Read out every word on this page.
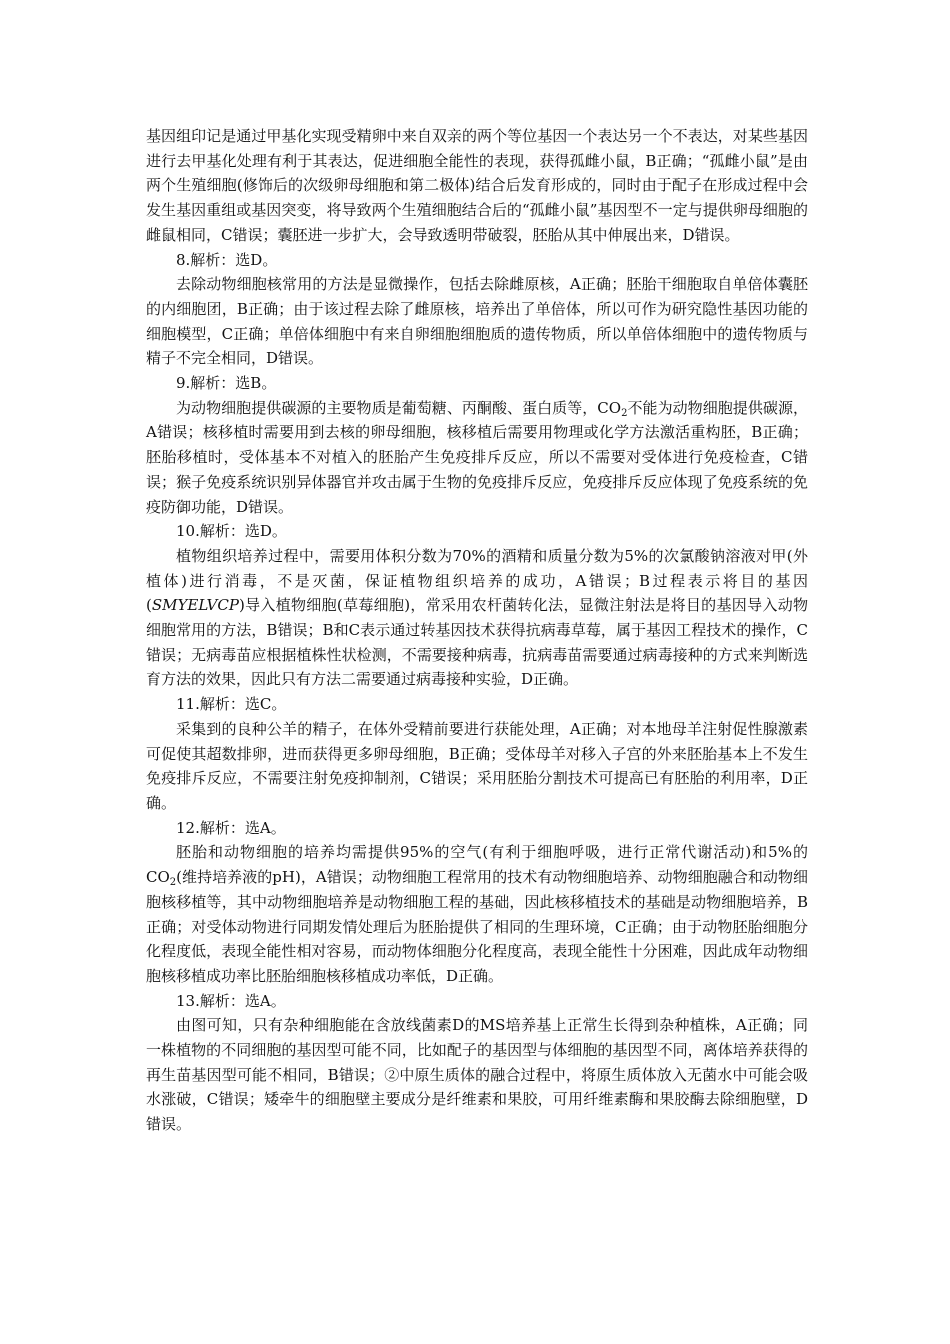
基因组印记是通过甲基化实现受精卵中来自双亲的两个等位基因一个表达另一个不表达，对某些基因进行去甲基化处理有利于其表达，促进细胞全能性的表现，获得孤雌小鼠，B正确；“孤雌小鼠”是由两个生殖细胞(修饰后的次级卵母细胞和第二极体)结合后发育形成的，同时由于配子在形成过程中会发生基因重组或基因突变，将导致两个生殖细胞结合后的“孤雌小鼠”基因型不一定与提供卵母细胞的雌鼠相同，C错误；囊胚进一步扩大，会导致透明带破裂，胚胎从其中伸展出来，D错误。

8.解析：选D。

去除动物细胞核常用的方法是显微操作，包括去除雌原核，A正确；胚胎干细胞取自单倍体囊胚的内细胞团，B正确；由于该过程去除了雌原核，培养出了单倍体，所以可作为研究隐性基因功能的细胞模型，C正确；单倍体细胞中有来自卵细胞细胞质的遗传物质，所以单倍体细胞中的遗传物质与精子不完全相同，D错误。

9.解析：选B。

为动物细胞提供碳源的主要物质是葡萄糖、丙酮酸、蛋白质等，$CO_2$不能为动物细胞提供碳源，A错误；核移植时需要用到去核的卵母细胞，核移植后需要用物理或化学方法激活重构胚，B正确；胚胎移植时，受体基本不对植入的胚胎产生免疫排斥反应，所以不需要对受体进行免疫检查，C错误；猴子免疫系统识别异体器官并攻击属于生物的免疫排斥反应，免疫排斥反应体现了免疫系统的免疫防御功能，D错误。

10.解析：选D。

植物组织培养过程中，需要用体积分数为70%的酒精和质量分数为5%的次氯酸钠溶液对甲(外植体)进行消毒，不是灭菌，保证植物组织培养的成功，A错误；B过程表示将目的基因(SMYELVCP)导入植物细胞(草莓细胞)，常采用农杆菌转化法，显微注射法是将目的基因导入动物细胞常用的方法，B错误；B和C表示通过转基因技术获得抗病毒草莓，属于基因工程技术的操作，C错误；无病毒苗应根据植株性状检测，不需要接种病毒，抗病毒苗需要通过病毒接种的方式来判断选育方法的效果，因此只有方法二需要通过病毒接种实验，D正确。

11.解析：选C。

采集到的良种公羊的精子，在体外受精前要进行获能处理，A正确；对本地母羊注射促性腺激素可促使其超数排卵，进而获得更多卵母细胞，B正确；受体母羊对移入子宫的外来胚胎基本上不发生免疫排斥反应，不需要注射免疫抑制剂，C错误；采用胚胎分割技术可提高已有胚胎的利用率，D正确。

12.解析：选A。

胚胎和动物细胞的培养均需提供95%的空气(有利于细胞呼吸，进行正常代谢活动)和5%的$CO_2$(维持培养液的pH)，A错误；动物细胞工程常用的技术有动物细胞培养、动物细胞融合和动物细胞核移植等，其中动物细胞培养是动物细胞工程的基础，因此核移植技术的基础是动物细胞培养，B正确；对受体动物进行同期发情处理后为胚胎提供了相同的生理环境，C正确；由于动物胚胎细胞分化程度低，表现全能性相对容易，而动物体细胞分化程度高，表现全能性十分困难，因此成年动物细胞核移植成功率比胚胎细胞核移植成功率低，D正确。

13.解析：选A。

由图可知，只有杂种细胞能在含放线菌素D的MS培养基上正常生长得到杂种植株，A正确；同一株植物的不同细胞的基因型可能不同，比如配子的基因型与体细胞的基因型不同，离体培养获得的再生苗基因型可能不相同，B错误；②中原生质体的融合过程中，将原生质体放入无菌水中可能会吸水涨破，C错误；矮牵牛的细胞壁主要成分是纤维素和果胶，可用纤维素酶和果胶酶去除细胞壁，D错误。
